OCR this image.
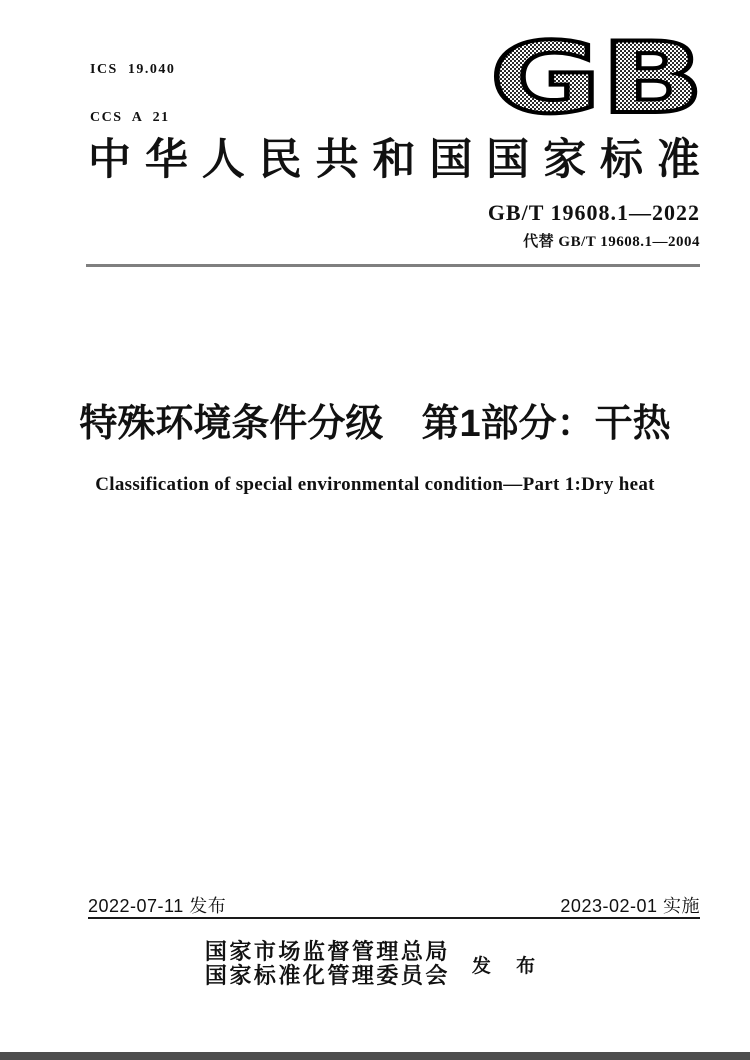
ICS  19.040

CCS  A  21

	GB
中 华 人 民 共 和 国 国 家 标 准
GB/T 19608.1—2022
代替 GB/T 19608.1—2004
特殊环境条件分级 第1部分：干热
Classification of special environmental condition—Part 1:Dry heat
2022-07-11 发布	2023-02-01 实施
国家市场监督管理总局
国家标准化管理委员会 发 布
